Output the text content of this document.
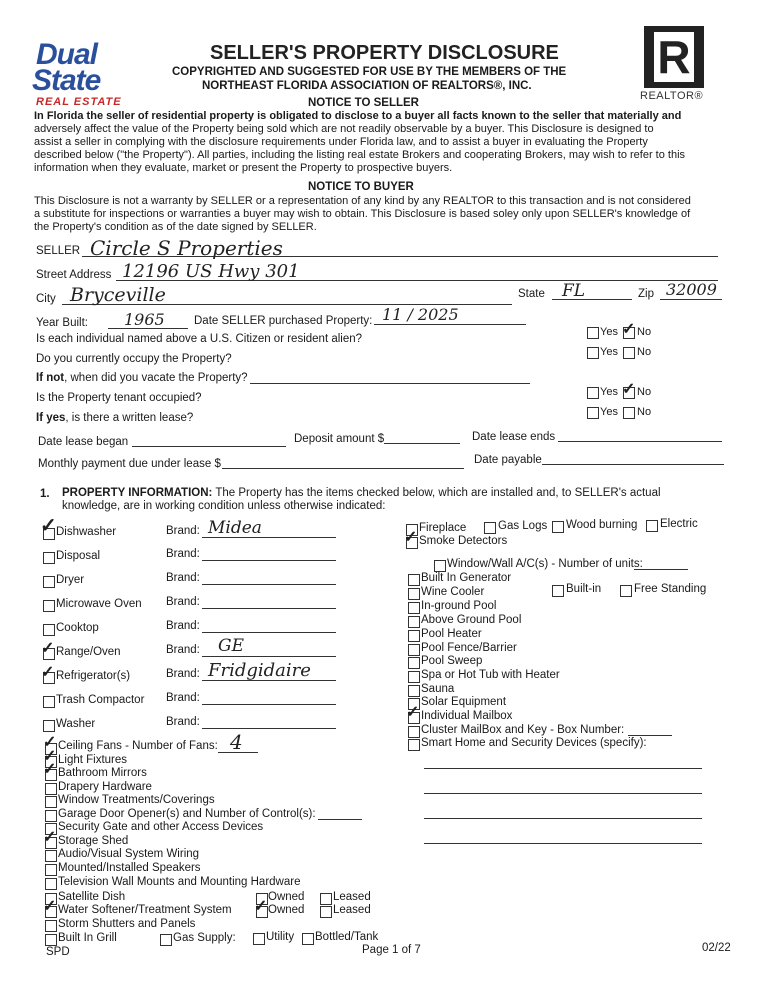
Dual
State
REAL ESTATE
SELLER'S PROPERTY DISCLOSURE
COPYRIGHTED AND SUGGESTED FOR USE BY THE MEMBERS OF THE
NORTHEAST FLORIDA ASSOCIATION OF REALTORS®, INC.
R
REALTOR®
NOTICE TO SELLER
In Florida the seller of residential property is obligated to disclose to a buyer all facts known to the seller that materially and
adversely affect the value of the Property being sold which are not readily observable by a buyer. This Disclosure is designed to
assist a seller in complying with the disclosure requirements under Florida law, and to assist a buyer in evaluating the Property
described below ("the Property"). All parties, including the listing real estate Brokers and cooperating Brokers, may wish to refer to this
information when they evaluate, market or present the Property to prospective buyers.
NOTICE TO BUYER
This Disclosure is not a warranty by SELLER or a representation of any kind by any REALTOR to this transaction and is not considered
a substitute for inspections or warranties a buyer may wish to obtain. This Disclosure is based soley only upon SELLER's knowledge of
the Property's condition as of the date signed by SELLER.
SELLER Circle S Properties
Street Address 12196 US Hwy 301
City Bryceville	State FL	Zip 32009
Year Built: 1965	Date SELLER purchased Property: 11 / 2025
Is each individual named above a U.S. Citizen or resident alien?
Yes ✓ No
Do you currently occupy the Property?
Yes No
If not, when did you vacate the Property?
Is the Property tenant occupied?	Yes ✓ No
If yes, is there a written lease?	Yes No
Date lease began	Deposit amount $	Date lease ends
Monthly payment due under lease $	Date payable
1. PROPERTY INFORMATION: The Property has the items checked below, which are installed and, to SELLER's actual
knowledge, are in working condition unless otherwise indicated:
✓ Dishwasher	Brand: Midea
Disposal	Brand:
Dryer	Brand:
Microwave Oven Brand:
Cooktop	Brand:
✓ Range/Oven	Brand: GE
✓ Refrigerator(s)	Brand: Fridgidaire
Trash Compactor Brand:
Washer	Brand:
✓ Ceiling Fans - Number of Fans: 4
✓ Light Fixtures
✓ Bathroom Mirrors
Drapery Hardware
Window Treatments/Coverings
Garage Door Opener(s) and Number of Control(s):
Security Gate and other Access Devices
✓ Storage Shed
Audio/Visual System Wiring
Mounted/Installed Speakers
Television Wall Mounts and Mounting Hardware
Satellite Dish	Owned Leased
✓ Water Softener/Treatment System ✓ Owned Leased
Storm Shutters and Panels
Built In Grill	Gas Supply:	Utility Bottled/Tank
Fireplace	Gas Logs Wood burning Electric
✓ Smoke Detectors
Window/Wall A/C(s) - Number of units:
Built In Generator
Wine Cooler	Built-in	Free Standing
In-ground Pool
Above Ground Pool
Pool Heater
Pool Fence/Barrier
Pool Sweep
Spa or Hot Tub with Heater
Sauna
Solar Equipment
✓ Individual Mailbox
Cluster MailBox and Key - Box Number:
Smart Home and Security Devices (specify):
SPD	Page 1 of 7	02/22
